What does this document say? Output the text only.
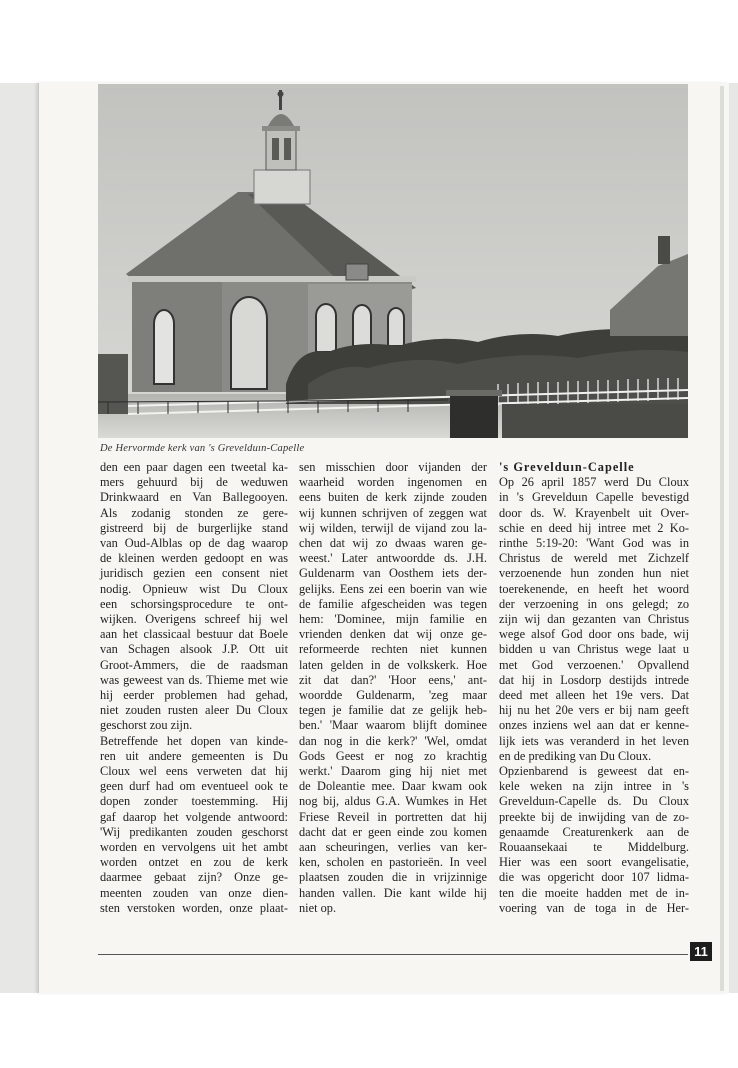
De Hervormde kerk van 's Grevelduın-Capelle
den een paar dagen een tweetal ka-
mers gehuurd bij de weduwen
Drinkwaard en Van Ballegooyen.
Als zodanig stonden ze gere-
gistreerd bij de burgerlijke stand
van Oud-Alblas op de dag waarop
de kleinen werden gedoopt en was
juridisch gezien een consent niet
nodig. Opnieuw wist Du Cloux
een schorsingsprocedure te ont-
wijken. Overigens schreef hij wel
aan het classicaal bestuur dat Boele
van Schagen alsook J.P. Ott uit
Groot-Ammers, die de raadsman
was geweest van ds. Thieme met wie
hij eerder problemen had gehad,
niet zouden rusten aleer Du Cloux
geschorst zou zijn.
Betreffende het dopen van kinde-
ren uit andere gemeenten is Du
Cloux wel eens verweten dat hij
geen durf had om eventueel ook te
dopen zonder toestemming. Hij
gaf daarop het volgende antwoord:
'Wij predikanten zouden geschorst
worden en vervolgens uit het ambt
worden ontzet en zou de kerk
daarmee gebaat zijn? Onze ge-
meenten zouden van onze dien-
sten verstoken worden, onze plaat-
sen misschien door vijanden der
waarheid worden ingenomen en
eens buiten de kerk zijnde zouden
wij kunnen schrijven of zeggen wat
wij wilden, terwijl de vijand zou la-
chen dat wij zo dwaas waren ge-
weest.' Later antwoordde ds. J.H.
Guldenarm van Oosthem iets der-
gelijks. Eens zei een boerin van wie
de familie afgescheiden was tegen
hem: 'Dominee, mijn familie en
vrienden denken dat wij onze ge-
reformeerde rechten niet kunnen
laten gelden in de volkskerk. Hoe
zit dat dan?' 'Hoor eens,' ant-
woordde Guldenarm, 'zeg maar
tegen je familie dat ze gelijk heb-
ben.' 'Maar waarom blijft dominee
dan nog in die kerk?' 'Wel, omdat
Gods Geest er nog zo krachtig
werkt.' Daarom ging hij niet met
de Doleantie mee. Daar kwam ook
nog bij, aldus G.A. Wumkes in Het
Friese Reveil in portretten dat hij
dacht dat er geen einde zou komen
aan scheuringen, verlies van ker-
ken, scholen en pastorieën. In veel
plaatsen zouden die in vrijzinnige
handen vallen. Die kant wilde hij
niet op.
's Grevelduın-Capelle
Op 26 april 1857 werd Du Cloux
in 's Grevelduın Capelle bevestigd
door ds. W. Krayenbelt uit Over-
schie en deed hij intree met 2 Ko-
rinthe 5:19-20: 'Want God was in
Christus de wereld met Zichzelf
verzoenende hun zonden hun niet
toerekenende, en heeft het woord
der verzoening in ons gelegd; zo
zijn wij dan gezanten van Christus
wege alsof God door ons bade, wij
bidden u van Christus wege laat u
met God verzoenen.' Opvallend
dat hij in Losdorp destijds intrede
deed met alleen het 19e vers. Dat
hij nu het 20e vers er bij nam geeft
onzes inziens wel aan dat er kenne-
lijk iets was veranderd in het leven
en de prediking van Du Cloux.
Opzienbarend is geweest dat en-
kele weken na zijn intree in 's
Grevelduın-Capelle ds. Du Cloux
preekte bij de inwijding van de zo-
genaamde Creaturenkerk aan de
Rouaansekaai te Middelburg.
Hier was een soort evangelisatie,
die was opgericht door 107 lidma-
ten die moeite hadden met de in-
voering van de toga in de Her-
11
